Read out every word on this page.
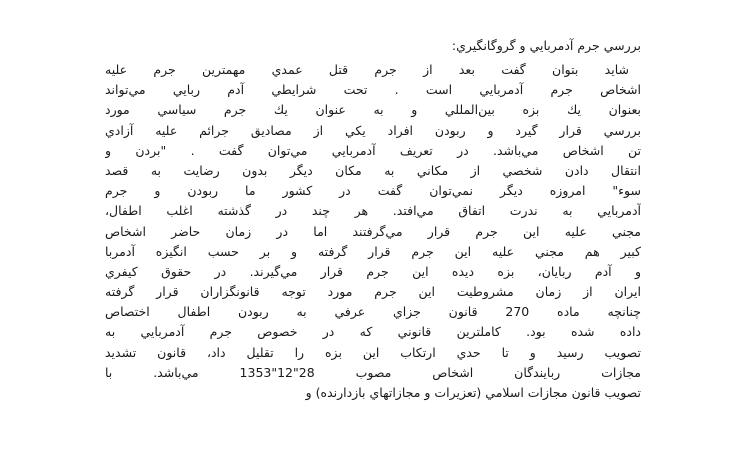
بررسي جرم آدمربايي و گروگانگيري:
شايد بتوان گفت بعد از جرم قتل عمدي مهمترين جرم عليه
اشخاص جرم آدمربايي است . تحت شرايطي آدم ربايي مي‌تواند
بعنوان يك بزه بين‌المللي و به عنوان يك جرم سياسي مورد
بررسي قرار گيرد و ربودن افراد يكي از مصاديق جرائم عليه آزادي
تن اشخاص مي‌باشد. در تعريف آدمربايي مي‌توان گفت . "بردن و
انتقال دادن شخصي از مكاني به مكان ديگر بدون رضايت به قصد
سوء" امروزه ديگر نمي‌توان گفت در كشور ما ربودن و جرم
آدمربايي به ندرت اتفاق مي‌افتد. هر چند در گذشته اغلب اطفال،
مجني عليه اين جرم قرار مي‌گرفتند اما در زمان حاضر اشخاص
كبير هم مجني عليه اين جرم قرار گرفته و بر حسب انگيزه آدمربا
و آدم ربايان، بزه ديده اين جرم قرار مي‌گيرند. در حقوق كيفري
ايران از زمان مشروطيت اين جرم مورد توجه قانونگزاران قرار گرفته
چنانچه ماده 270 قانون جزاي عرفي به ربودن اطفال اختصاص
داده شده بود. كاملترين قانوني كه در خصوص جرم آدمربايي به
تصويب رسيد و تا حدي ارتكاب اين بزه را تقليل داد، قانون تشديد
مجازات ربايندگان اشخاص مصوب 28"12"1353 مي‌باشد. با
تصويب قانون مجازات اسلامي (تعزيرات و مجازاتهاي بازدارنده) و
